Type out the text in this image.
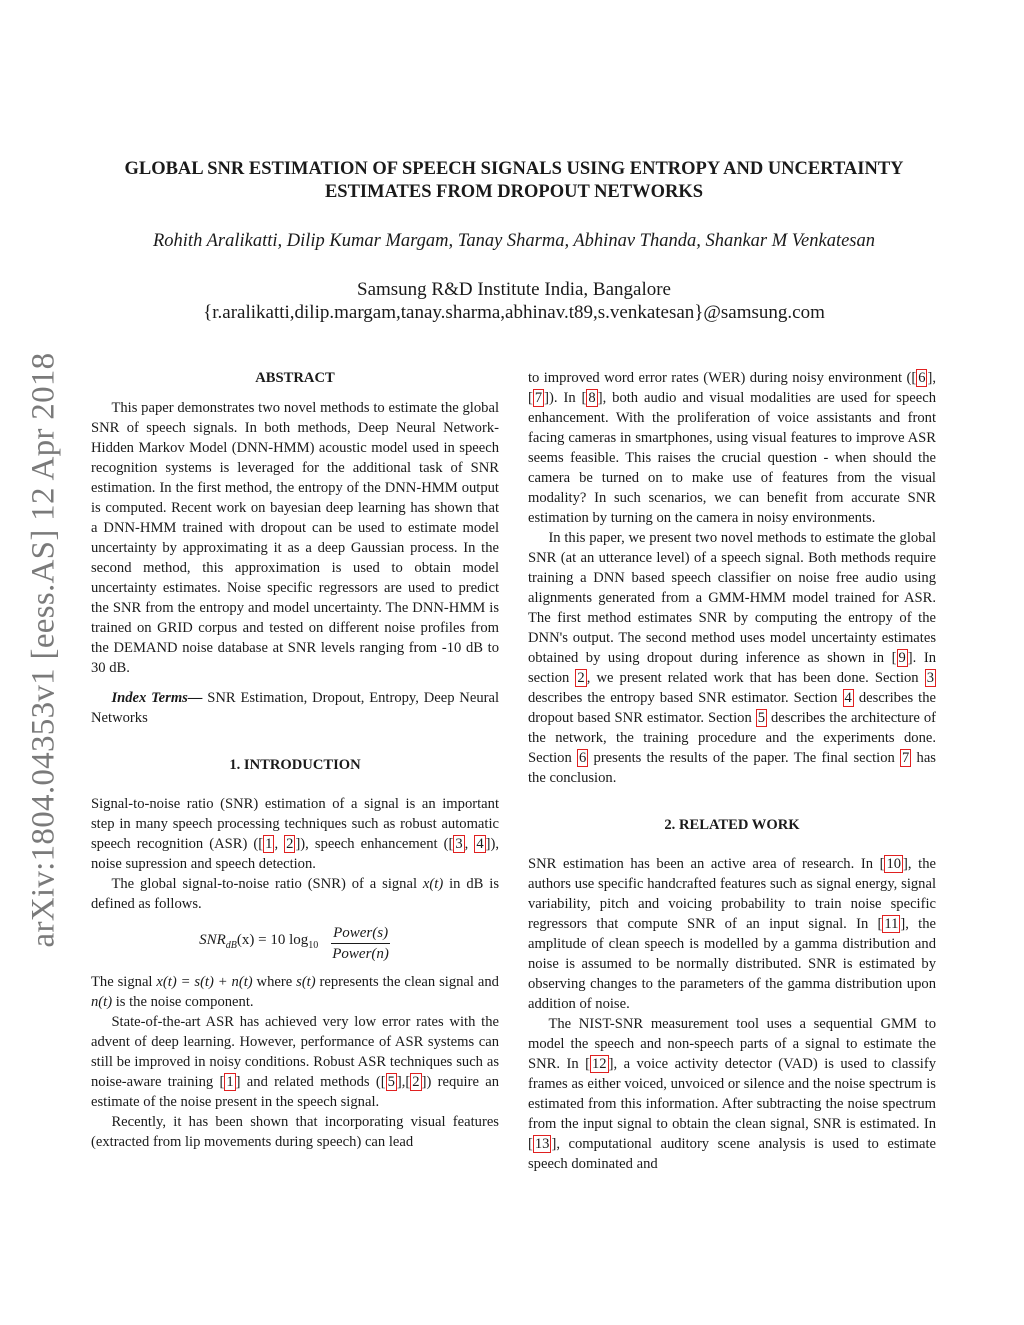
arXiv:1804.04353v1 [eess.AS] 12 Apr 2018
GLOBAL SNR ESTIMATION OF SPEECH SIGNALS USING ENTROPY AND UNCERTAINTY ESTIMATES FROM DROPOUT NETWORKS

Rohith Aralikatti, Dilip Kumar Margam, Tanay Sharma, Abhinav Thanda, Shankar M Venkatesan

Samsung R&D Institute India, Bangalore
{r.aralikatti,dilip.margam,tanay.sharma,abhinav.t89,s.venkatesan}@samsung.com
ABSTRACT

This paper demonstrates two novel methods to estimate the global SNR of speech signals. In both methods, Deep Neural Network-Hidden Markov Model (DNN-HMM) acoustic model used in speech recognition systems is leveraged for the additional task of SNR estimation. In the first method, the entropy of the DNN-HMM output is computed. Recent work on bayesian deep learning has shown that a DNN-HMM trained with dropout can be used to estimate model uncertainty by approximating it as a deep Gaussian process. In the second method, this approximation is used to obtain model uncertainty estimates. Noise specific regressors are used to predict the SNR from the entropy and model uncertainty. The DNN-HMM is trained on GRID corpus and tested on different noise profiles from the DEMAND noise database at SNR levels ranging from -10 dB to 30 dB.

Index Terms— SNR Estimation, Dropout, Entropy, Deep Neural Networks

1. INTRODUCTION

Signal-to-noise ratio (SNR) estimation of a signal is an important step in many speech processing techniques such as robust automatic speech recognition (ASR) ([ 1 , 2 ]), speech enhancement ([ 3 , 4 ]), noise supression and speech detection.

The global signal-to-noise ratio (SNR) of a signal x(t) in dB is defined as follows.

$SNR_{dB}(x) = 10$ $\log_{10} \frac{\text{Power(s)}}{\text{Power(n)}}$

The signal x(t) = s(t) + n(t) where s(t) represents the clean signal and n(t) is the noise component.

State-of-the-art ASR has achieved very low error rates with the advent of deep learning. However, performance of ASR systems can still be improved in noisy conditions. Robust ASR techniques such as noise-aware training [ 1 ] and related methods ([ 5 ],[ 2 ]) require an estimate of the noise present in the speech signal.

Recently, it has been shown that incorporating visual features (extracted from lip movements during speech) can lead

to improved word error rates (WER) during noisy environment ([ 6 ],[ 7 ]). In [ 8 ], both audio and visual modalities are used for speech enhancement. With the proliferation of voice assistants and front facing cameras in smartphones, using visual features to improve ASR seems feasible. This raises the crucial question - when should the camera be turned on to make use of features from the visual modality? In such scenarios, we can benefit from accurate SNR estimation by turning on the camera in noisy environments.

In this paper, we present two novel methods to estimate the global SNR (at an utterance level) of a speech signal. Both methods require training a DNN based speech classifier on noise free audio using alignments generated from a GMM-HMM model trained for ASR. The first method estimates SNR by computing the entropy of the DNN's output. The second method uses model uncertainty estimates obtained by using dropout during inference as shown in [ 9 ]. In section 2 , we present related work that has been done. Section 3 describes the entropy based SNR estimator. Section 4 describes the dropout based SNR estimator. Section 5 describes the architecture of the network, the training procedure and the experiments done. Section 6 presents the results of the paper. The final section 7 has the conclusion.

2. RELATED WORK

SNR estimation has been an active area of research. In [ 10 ], the authors use specific handcrafted features such as signal energy, signal variability, pitch and voicing probability to train noise specific regressors that compute SNR of an input signal. In [ 11 ], the amplitude of clean speech is modelled by a gamma distribution and noise is assumed to be normally distributed. SNR is estimated by observing changes to the parameters of the gamma distribution upon addition of noise.

The NIST-SNR measurement tool uses a sequential GMM to model the speech and non-speech parts of a signal to estimate the SNR. In [ 12 ], a voice activity detector (VAD) is used to classify frames as either voiced, unvoiced or silence and the noise spectrum is estimated from this information. After subtracting the noise spectrum from the input signal to obtain the clean signal, SNR is estimated. In [ 13 ], computational auditory scene analysis is used to estimate speech dominated and
